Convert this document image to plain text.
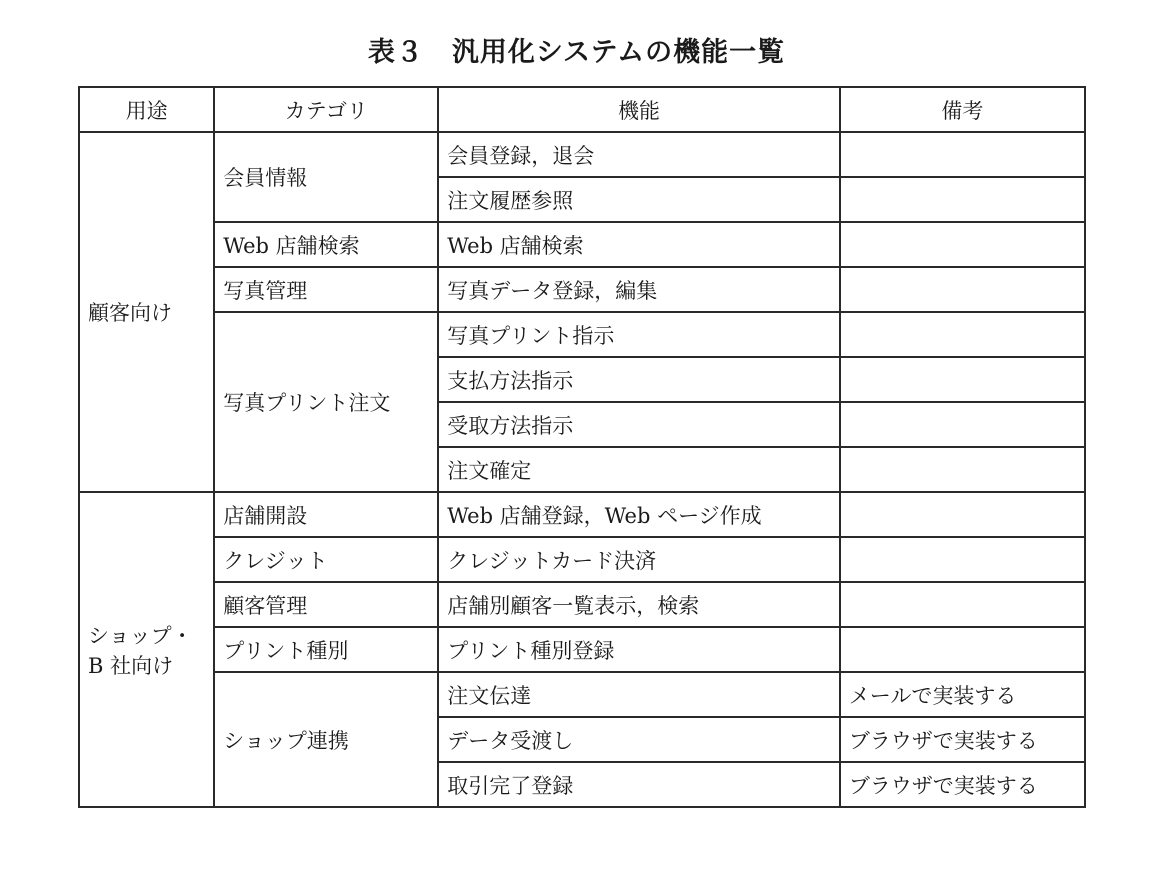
表３　汎用化システムの機能一覧
用途	カテゴリ	機能	備考
顧客向け	会員情報	会員登録，退会	
		注文履歴参照	
	Web 店舗検索	Web 店舗検索	
	写真管理	写真データ登録，編集	
	写真プリント注文	写真プリント指示	
		支払方法指示	
		受取方法指示	
		注文確定	
ショップ・
B 社向け	店舗開設	Web 店舗登録，Web ページ作成	
	クレジット	クレジットカード決済	
	顧客管理	店舗別顧客一覧表示，検索	
	プリント種別	プリント種別登録	
	ショップ連携	注文伝達	メールで実装する
		データ受渡し	ブラウザで実装する
		取引完了登録	ブラウザで実装する
